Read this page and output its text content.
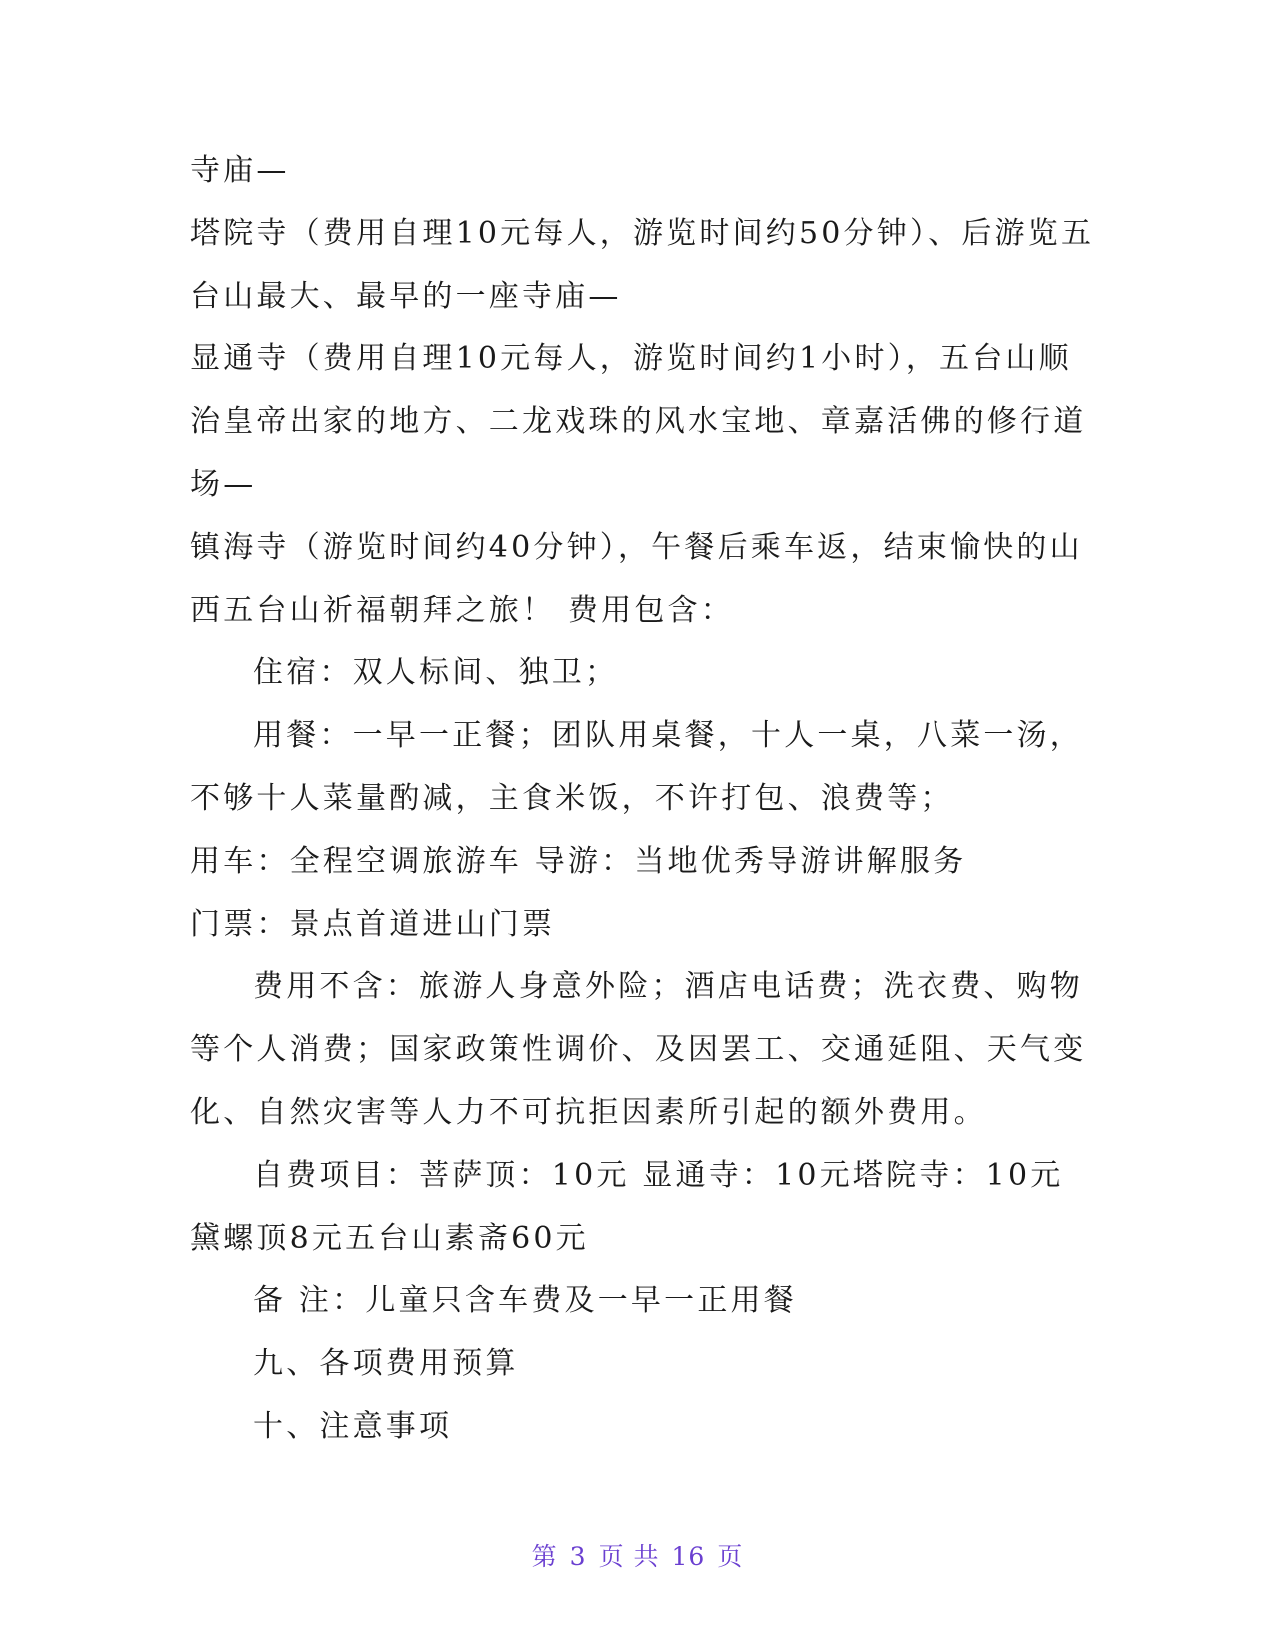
寺庙—
塔院寺（费用自理10元每人，游览时间约50分钟）、后游览五
台山最大、最早的一座寺庙—
显通寺（费用自理10元每人，游览时间约1小时），五台山顺
治皇帝出家的地方、二龙戏珠的风水宝地、章嘉活佛的修行道
场—
镇海寺（游览时间约40分钟），午餐后乘车返，结束愉快的山
西五台山祈福朝拜之旅！ 费用包含：
住宿：双人标间、独卫；
用餐：一早一正餐；团队用桌餐，十人一桌，八菜一汤，
不够十人菜量酌减，主食米饭，不许打包、浪费等；
用车：全程空调旅游车 导游：当地优秀导游讲解服务
门票：景点首道进山门票
费用不含：旅游人身意外险；酒店电话费；洗衣费、购物
等个人消费；国家政策性调价、及因罢工、交通延阻、天气变
化、自然灾害等人力不可抗拒因素所引起的额外费用。
自费项目：菩萨顶：10元 显通寺：10元塔院寺：10元
黛螺顶8元五台山素斋60元
备 注：儿童只含车费及一早一正用餐
九、各项费用预算
十、注意事项
第 3 页 共 16 页
